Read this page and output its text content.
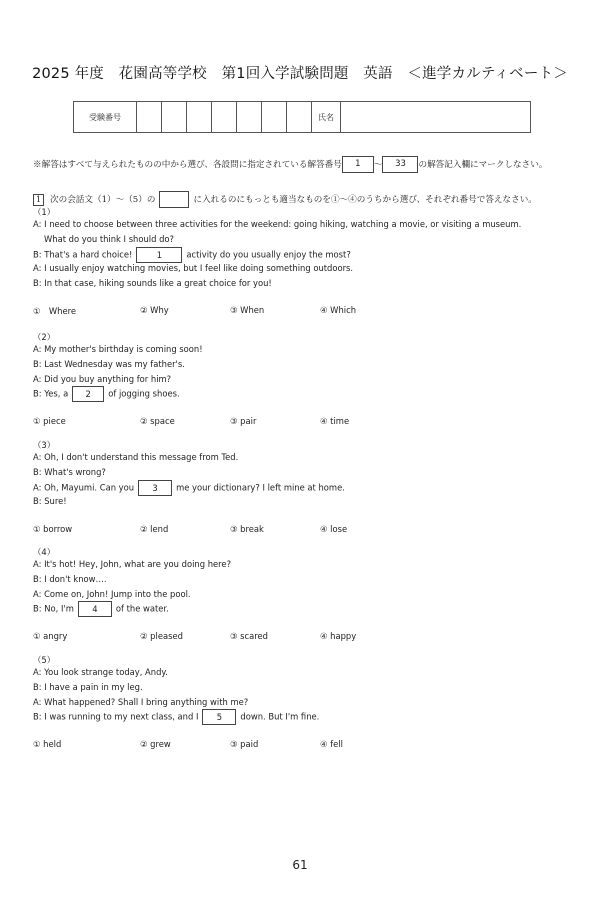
2025 年度　花園高等学校　第1回入学試験問題　英語　＜進学カルティベート＞
受験番号								氏名	
※解答はすべて与えられたものの中から選び、各設問に指定されている解答番号 1 ～ 33 の解答記入欄にマークしなさい。
1 次の会話文（1）～（5）の	に入れるのにもっとも適当なものを①～④のうちから選び、それぞれ番号で答えなさい。
（1）
A: I need to choose between three activities for the weekend: going hiking, watching a movie, or visiting a museum.
What do you think I should do?
B: That's a hard choice!	1	activity do you usually enjoy the most?
A: I usually enjoy watching movies, but I feel like doing something outdoors.
B: In that case, hiking sounds like a great choice for you!
①　Where	② Why	③ When	④ Which
（2）
A: My mother's birthday is coming soon!
B: Last Wednesday was my father's.
A: Did you buy anything for him?
B: Yes, a 2 of jogging shoes.
① piece	② space	③ pair	④ time
（3）
A: Oh, I don't understand this message from Ted.
B: What's wrong?
A: Oh, Mayumi. Can you 3 me your dictionary? I left mine at home.
B: Sure!
① borrow	② lend	③ break	④ lose
（4）
A: It's hot! Hey, John, what are you doing here?
B: I don't know….
A: Come on, John! Jump into the pool.
B: No, I'm 4 of the water.
① angry	② pleased	③ scared	④ happy
（5）
A: You look strange today, Andy.
B: I have a pain in my leg.
A: What happened? Shall I bring anything with me?
B: I was running to my next class, and I 5 down. But I'm fine.
① held	② grew	③ paid	④ fell
61
